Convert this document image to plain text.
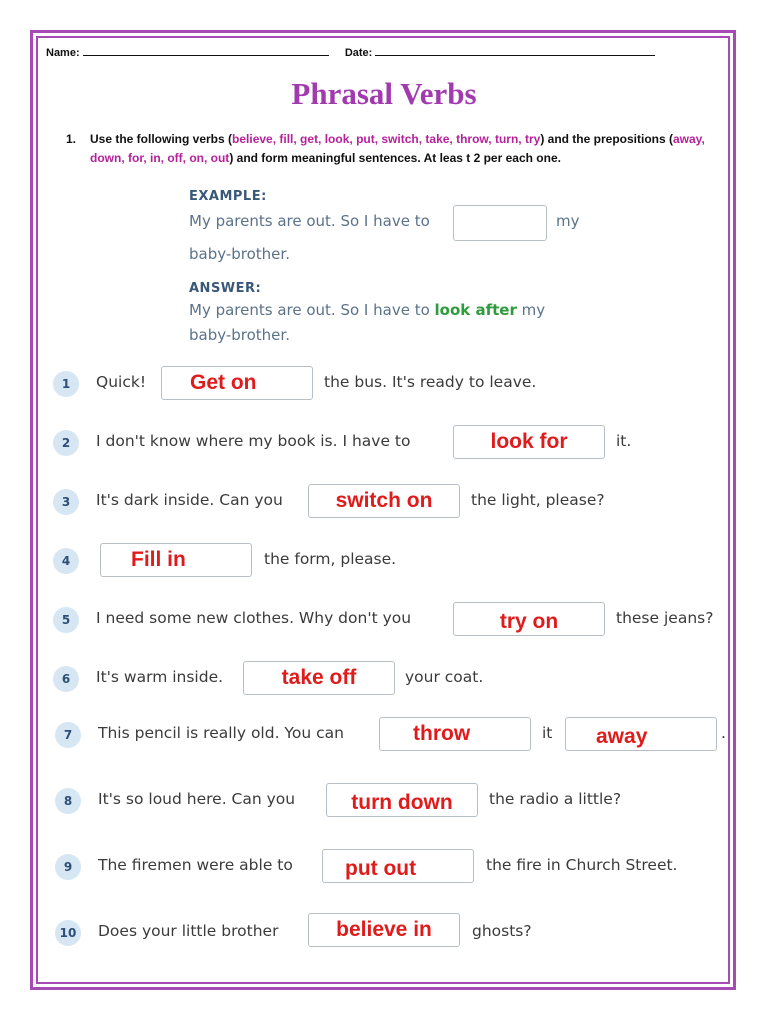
Name:	Date:
Phrasal Verbs
1. Use the following verbs (believe, fill, get, look, put, switch, take, throw, turn, try) and the prepositions (away, down, for, in, off, on, out) and form meaningful sentences. At leas t 2 per each one.
EXAMPLE:
My parents are out. So I have to	my
baby-brother.
ANSWER:
My parents are out. So I have to look after my
baby-brother.
1	Quick!	Get on	the bus. It's ready to leave.
2	I don't know where my book is. I have to	look for	it.
3	It's dark inside. Can you	switch on	the light, please?
4	Fill in	the form, please.
5	I need some new clothes. Why don't you	try on	these jeans?
6	It's warm inside.	take off	your coat.
7	This pencil is really old. You can	throw	it	away	.
8	It's so loud here. Can you	turn down	the radio a little?
9	The firemen were able to	put out	the fire in Church Street.
10	Does your little brother	believe in	ghosts?
